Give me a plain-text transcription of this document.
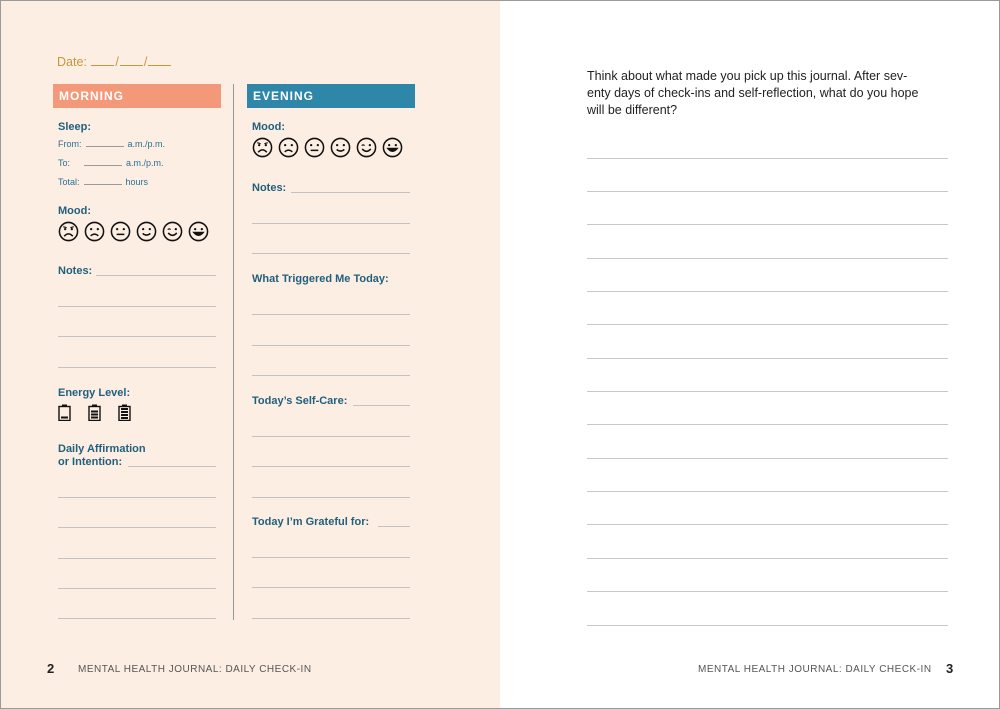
Date: / /
MORNING	EVENING
Sleep:
From:	a.m./p.m.
To:	a.m./p.m.
Total:	hours
Mood:
Notes:
Energy Level:
Daily Affirmation
or Intention:
Mood:
Notes:
What Triggered Me Today:
Today’s Self-Care:
Today I’m Grateful for:
2 MENTAL HEALTH JOURNAL: DAILY CHECK-IN

Think about what made you pick up this journal. After sev-
enty days of check-ins and self-reflection, what do you hope
will be different?

MENTAL HEALTH JOURNAL: DAILY CHECK-IN 3
